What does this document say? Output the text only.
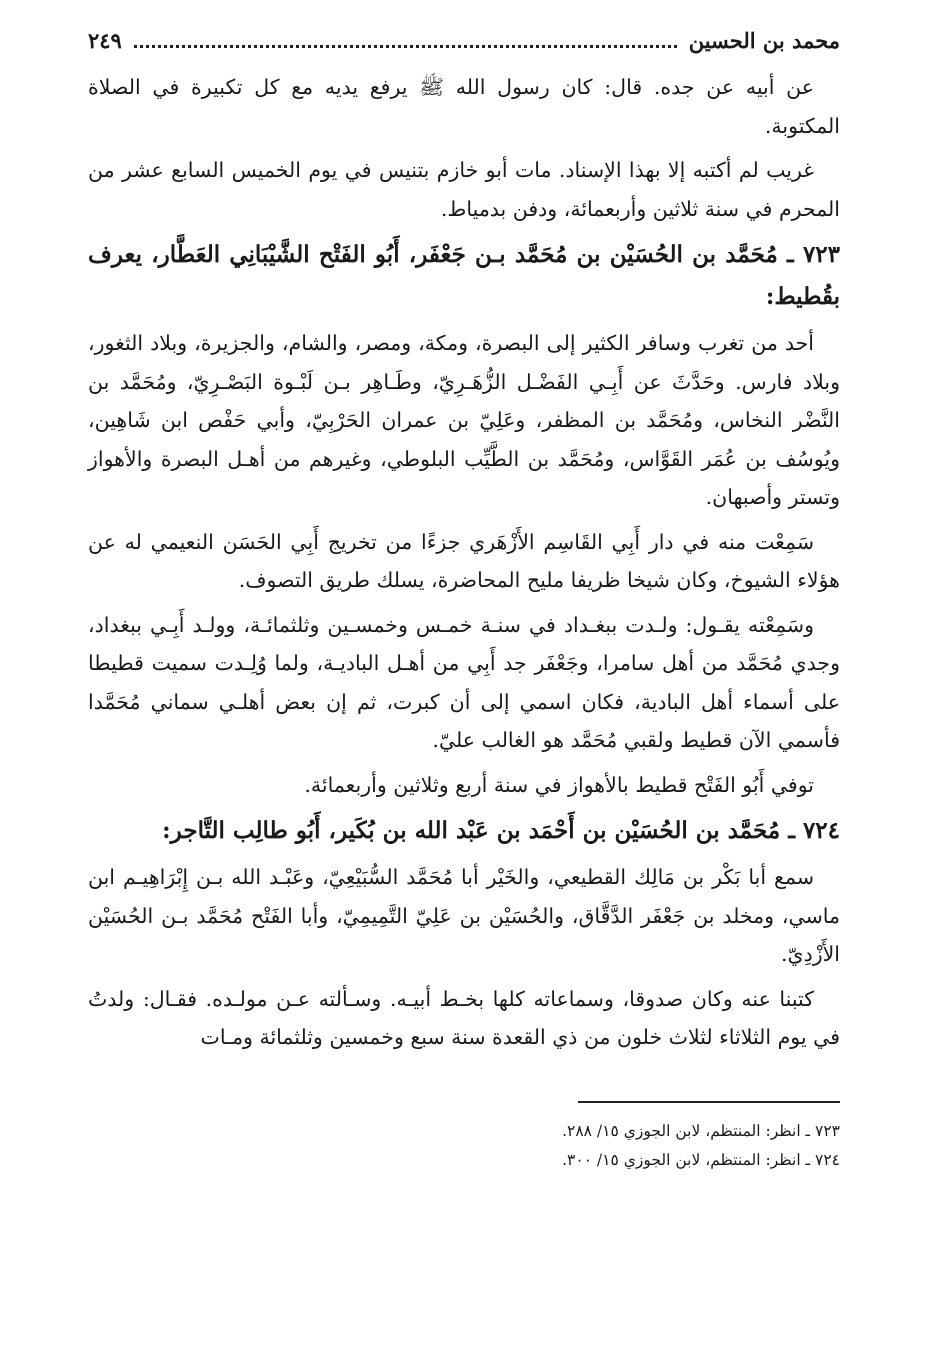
محمد بن الحسين
٢٤٩

عن أبيه عن جده. قال: كان رسول الله ﷺ يرفع يديه مع كل تكبيرة في الصلاة المكتوبة.

غريب لم أكتبه إلا بهذا الإسناد. مات أبو خازم بتنيس في يوم الخميس السابع عشر من المحرم في سنة ثلاثين وأربعمائة، ودفن بدمياط.

٧٢٣ ـ مُحَمَّد بن الحُسَيْن بن مُحَمَّد بـن جَعْفَر، أَبُو الفَتْح الشَّيْبَانِي العَطَّار، يعرف بقُطيط:

أحد من تغرب وسافر الكثير إلى البصرة، ومكة، ومصر، والشام، والجزيرة، وبلاد الثغور، وبلاد فارس. وحَدَّثَ عن أَبِـي الفَضْـل الزُّهَـرِيّ، وطَـاهِر بـن لَبْـوة البَصْـرِيّ، ومُحَمَّد بن النَّضْر النخاس، ومُحَمَّد بن المظفر، وعَلِيّ بن عمران الحَرْبِيّ، وأبي حَفْص ابن شَاهِين، ويُوسُف بن عُمَر القَوَّاس، ومُحَمَّد بن الطَّيِّب البلوطي، وغيرهم من أهـل البصرة والأهواز وتستر وأصبهان.

سَمِعْت منه في دار أَبِي القَاسِم الأَزْهَري جزءًا من تخريج أَبِي الحَسَن النعيمي له عن هؤلاء الشيوخ، وكان شيخا ظريفا مليح المحاضرة، يسلك طريق التصوف.

وسَمِعْته يقـول: ولـدت ببغـداد في سنـة خمـس وخمسـين وثلثمائـة، وولـد أَبِـي ببغداد، وجدي مُحَمَّد من أهل سامرا، وجَعْفَر جد أَبِي من أهـل الباديـة، ولما وُلِـدت سميت قطيطا على أسماء أهل البادية، فكان اسمي إلى أن كبرت، ثم إن بعض أهلـي سماني مُحَمَّدا فأسمي الآن قطيط ولقبي مُحَمَّد هو الغالب عليّ.

توفي أَبُو الفَتْح قطيط بالأهواز في سنة أربع وثلاثين وأربعمائة.

٧٢٤ ـ مُحَمَّد بن الحُسَيْن بن أَحْمَد بن عَبْد الله بن بُكَير، أَبُو طالِب التَّاجر:

سمع أبا بَكْر بن مَالِك القطيعي، والخَيْر أبا مُحَمَّد السُّبَيْعِيّ، وعَبْـد الله بـن إِبْرَاهِيـم ابن ماسي، ومخلد بن جَعْفَر الدَّقَّاق، والحُسَيْن بن عَلِيّ التَّمِيمِيّ، وأبا الفَتْح مُحَمَّد بـن الحُسَيْن الأَزْدِيّ.

كتبنا عنه وكان صدوقا، وسماعاته كلها بخـط أبيـه. وسـألته عـن مولـده. فقـال: ولدتُ في يوم الثلاثاء لثلاث خلون من ذي القعدة سنة سبع وخمسين وثلثمائة ومـات

٧٢٣ ـ انظر: المنتظم، لابن الجوزي ١٥/ ٢٨٨.
٧٢٤ ـ انظر: المنتظم، لابن الجوزي ١٥/ ٣٠٠.
